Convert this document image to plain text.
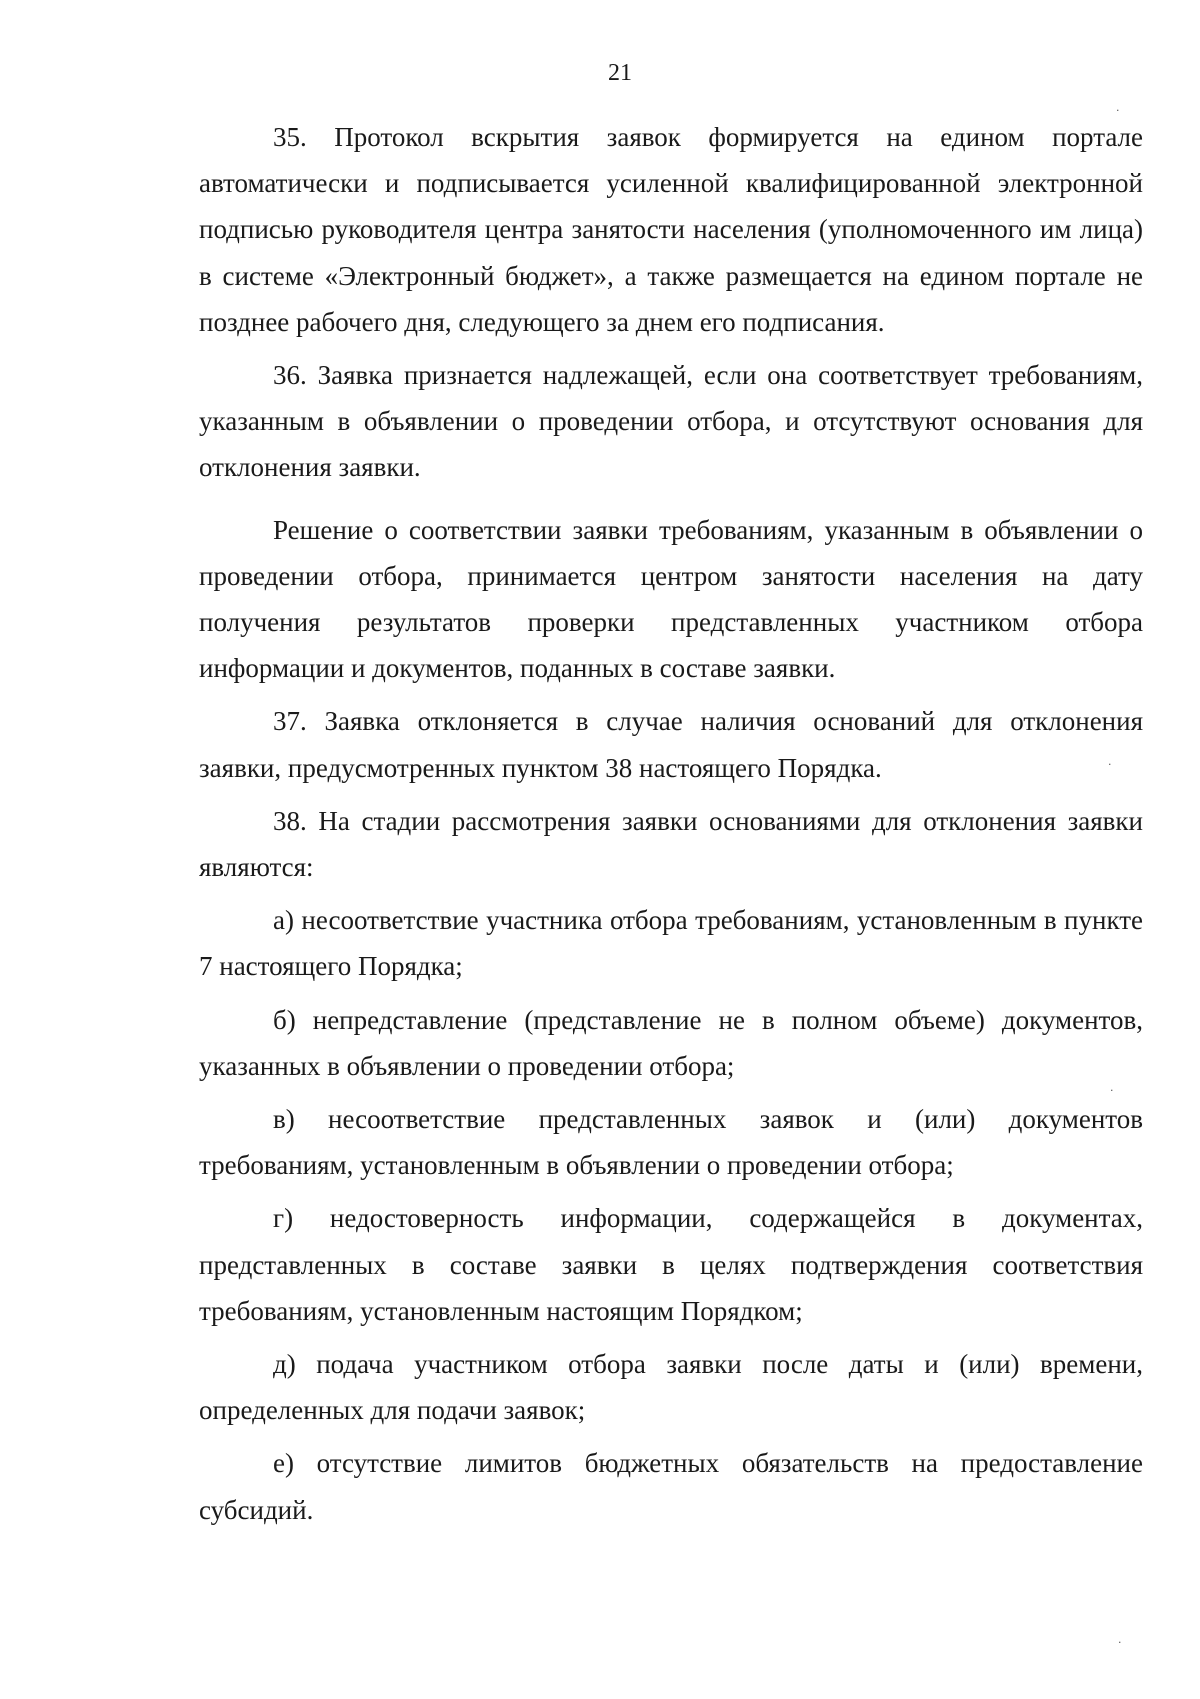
21

35. Протокол вскрытия заявок формируется на едином портале автоматически и подписывается усиленной квалифицированной электронной подписью руководителя центра занятости населения (уполномоченного им лица) в системе «Электронный бюджет», а также размещается на едином портале не позднее рабочего дня, следующего за днем его подписания.

36. Заявка признается надлежащей, если она соответствует требованиям, указанным в объявлении о проведении отбора, и отсутствуют основания для отклонения заявки.

Решение о соответствии заявки требованиям, указанным в объявлении о проведении отбора, принимается центром занятости населения на дату получения результатов проверки представленных участником отбора информации и документов, поданных в составе заявки.

37. Заявка отклоняется в случае наличия оснований для отклонения заявки, предусмотренных пунктом 38 настоящего Порядка.

38. На стадии рассмотрения заявки основаниями для отклонения заявки являются:

а) несоответствие участника отбора требованиям, установленным в пункте 7 настоящего Порядка;

б) непредставление (представление не в полном объеме) документов, указанных в объявлении о проведении отбора;

в) несоответствие представленных заявок и (или) документов требованиям, установленным в объявлении о проведении отбора;

г) недостоверность информации, содержащейся в документах, представленных в составе заявки в целях подтверждения соответствия требованиям, установленным настоящим Порядком;

д) подача участником отбора заявки после даты и (или) времени, определенных для подачи заявок;

е) отсутствие лимитов бюджетных обязательств на предоставление субсидий.

·
·
·
·
